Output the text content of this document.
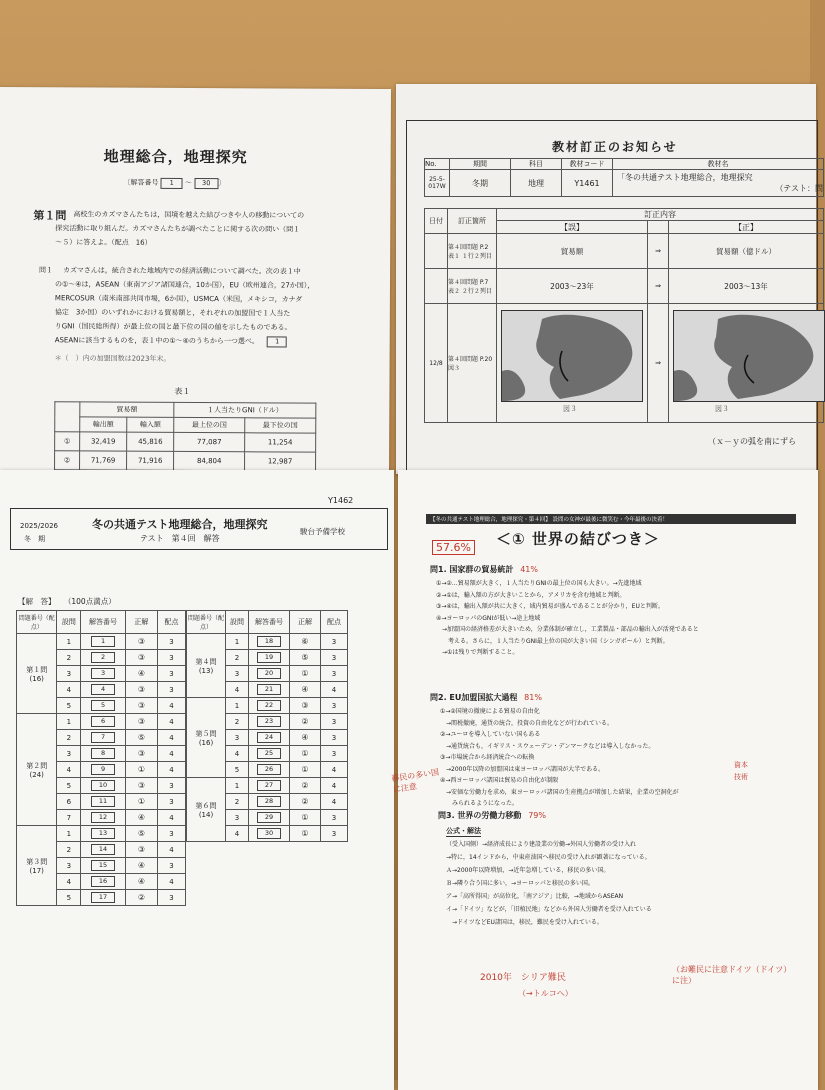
地理総合，地理探究
〔解答番号 1 ～ 30 〕
第１問 高校生のカズマさんたちは，国境を越えた結びつきや人の移動についての
探究活動に取り組んだ。カズマさんたちが調べたことに関する次の問い（問１
～５）に答えよ。（配点　16）
問１ カズマさんは，統合された地域内での経済活動について調べた。次の表１中
の①～④は，ASEAN（東南アジア諸国連合，10か国），EU（欧州連合，27か国），
MERCOSUR（南米南部共同市場，6か国），USMCA（米国，メキシコ，カナダ
協定　3か国）のいずれかにおける貿易額と，それぞれの加盟国で１人当た
りGNI（国民総所得）が最上位の国と最下位の国の値を示したものである。
ASEANに該当するものを，表１中の①～④のうちから一つ選べ。 1
＊（　）内の加盟国数は2023年末。
表１
	貿易額		１人当たりGNI（ドル）	
	輸出額	輸入額	最上位の国	最下位の国
①	32,419	45,816	77,087	11,254
②	71,769	71,916	84,804	12,987
教材訂正のお知らせ
No.	期間	科目	教材コード	教材名
25-5-017W	冬期	地理	Y1461	「冬の共通テスト地理総合，地理探究
（テスト：問
日付	訂正箇所	訂正内容		
		【誤】		【正】
	第４回問題 P.2　表１ １行２列目	貿易額	⇒	貿易額（億ドル）
	第４回問題 P.7　表２ ２行２列目	2003～23年	⇒	2003～13年
12/8	第４回問題 P.20　図３	図３	⇒	図３
（ｘ－ｙの弧を南にずら
Y1462
2025/2026
冬　期
冬の共通テスト地理総合，地理探究
テスト　第４回　解答
駿台予備学校
【解　答】 （100点満点）
問題番号（配点）	設問	解答番号	正解	配点

第１問
(16)	1	1	③	3
	2	2	③	3
	3	3	④	3
	4	4	③	3
	5	5	③	4

第２問
(24)	1	6	③	4
	2	7	⑤	4
	3	8	③	4
	4	9	①	4
	5	10	③	3
	6	11	①	3
	7	12	④	4

第３問
(17)	1	13	⑤	3
	2	14	③	4
	3	15	④	3
	4	16	④	4
	5	17	②	3
問題番号（配点）	設問	解答番号	正解	配点

第４問
(13)	1	18	⑥	3
	2	19	⑤	3
	3	20	①	3
	4	21	④	4

第５問
(16)	1	22	③	3
	2	23	②	3
	3	24	④	3
	4	25	①	3
	5	26	①	4

第６問
(14)	1	27	②	4
	2	28	②	4
	3	29	①	3
	4	30	①	3
【冬の共通テスト地理総合，地理探究・第４回】 設問の女神が最後に微笑む・今年最後の決着！
57.6% ＜① 世界の結びつき＞
問1. 国家群の貿易統計 41%
①→②…貿易額が大きく，１人当たりGNIの最上位の国も大きい。→先進地域
②→①は，輸入額の方が大きいことから，アメリカを含む地域と判断。
③→④は，輸出入額が共に大きく，域内貿易が盛んであることが分かり，EUと判断。
④→ヨーロッパのGNIが低い→途上地域
　→加盟国の経済格差が大きいため，分業体制が確立し，工業製品・部品の輸出入が活発であると
　　考える。さらに，１人当たりGNI最上位の国が大きい国（シンガポール）と判断。
　→①は残りで判断すること。
問2. EU加盟国拡大過程 81%
①→②国境の撤廃による貿易の自由化
　→関税撤廃，通貨の統合，投資の自由化などが行われている。
②→ユーロを導入していない国もある
　→通貨統合も，イギリス・スウェーデン・デンマークなどは導入しなかった。
③→市場統合から経済統合への転換
　→2000年以降の加盟国は東ヨーロッパ諸国が大半である。
④→西ヨーロッパ諸国は貿易の自由化が制限
　→安価な労働力を求め，東ヨーロッパ諸国の生産拠点が増加した結果，企業の空洞化が
　　みられるようになった。
問3. 世界の労働力移動 79%
公式・解法
（受入国側）→経済成長により建設業の労働→外国人労働者の受け入れ
→特に，14インドから，中東産油国へ移民の受け入れが顕著になっている。
Ａ→2000年以降増加，→近年急増している，移民の多い国。
Ｂ→隣り合う国に多い，→ヨーロッパと移民の多い国。
ア→「高所得国」が高位化，「南アジア」比較，→地域からASEAN
イ→「ドイツ」などが，「旧植民地」などから外国人労働者を受け入れている
　→ドイツなどEU諸国は，移民，難民を受け入れている。
移民の多い国に注意
資本
技術
2010年　シリア難民
（→トルコへ）
（お難民に注意ドイツ（ドイツ）に注）
